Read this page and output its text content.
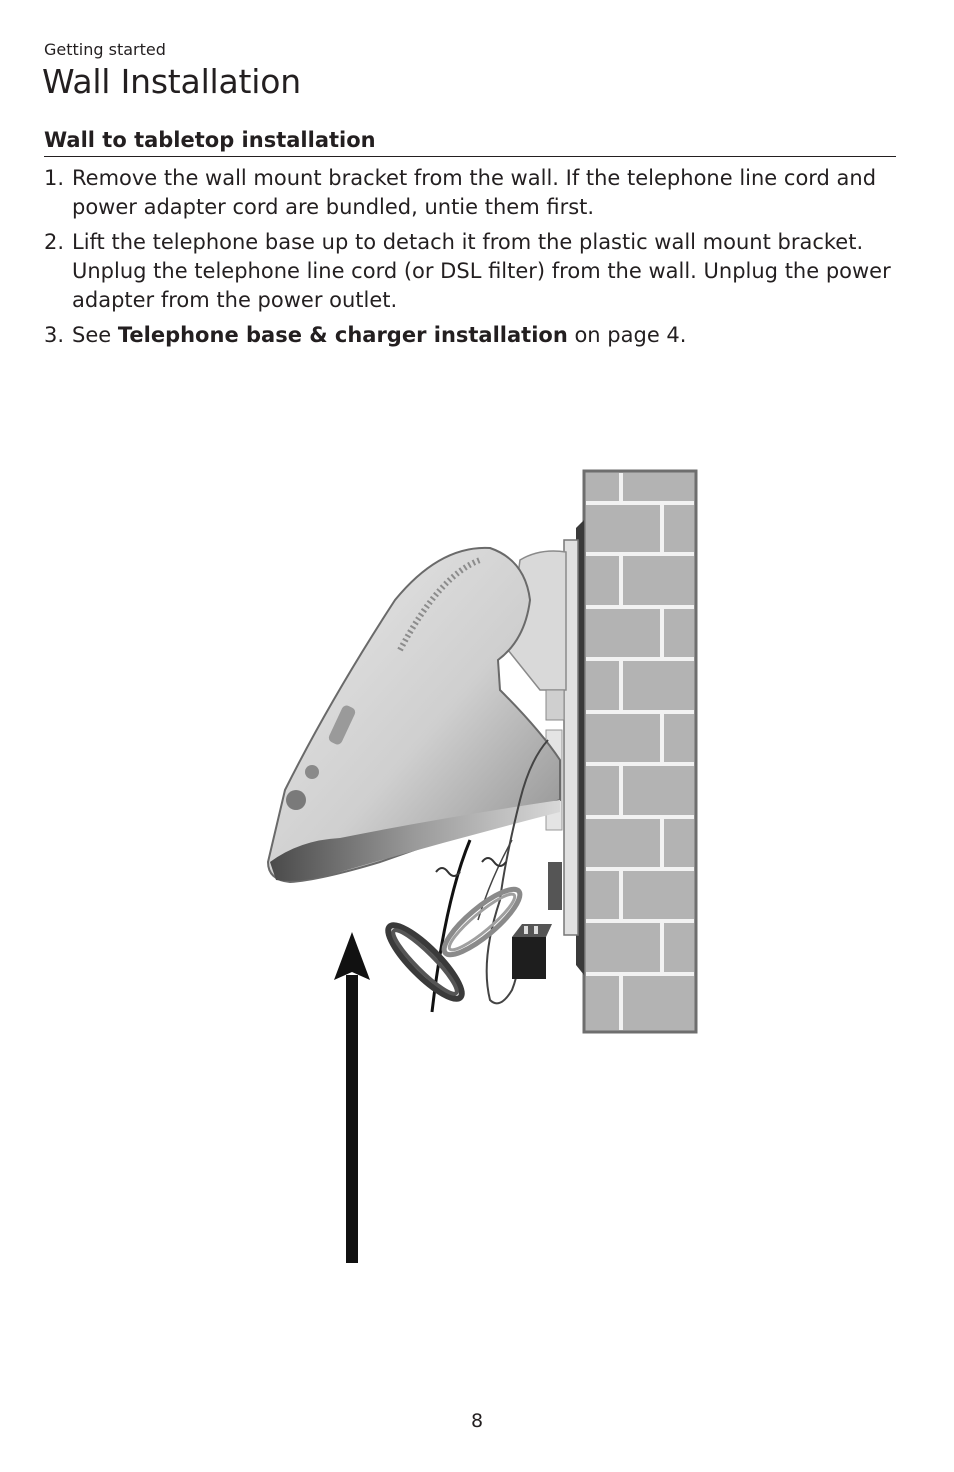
Getting started
Wall Installation
Wall to tabletop installation
1. Remove the wall mount bracket from the wall. If the telephone line cord and power adapter cord are bundled, untie them first.
2. Lift the telephone base up to detach it from the plastic wall mount bracket. Unplug the telephone line cord (or DSL filter) from the wall. Unplug the power adapter from the power outlet.
3. See Telephone base & charger installation on page 4.
8
